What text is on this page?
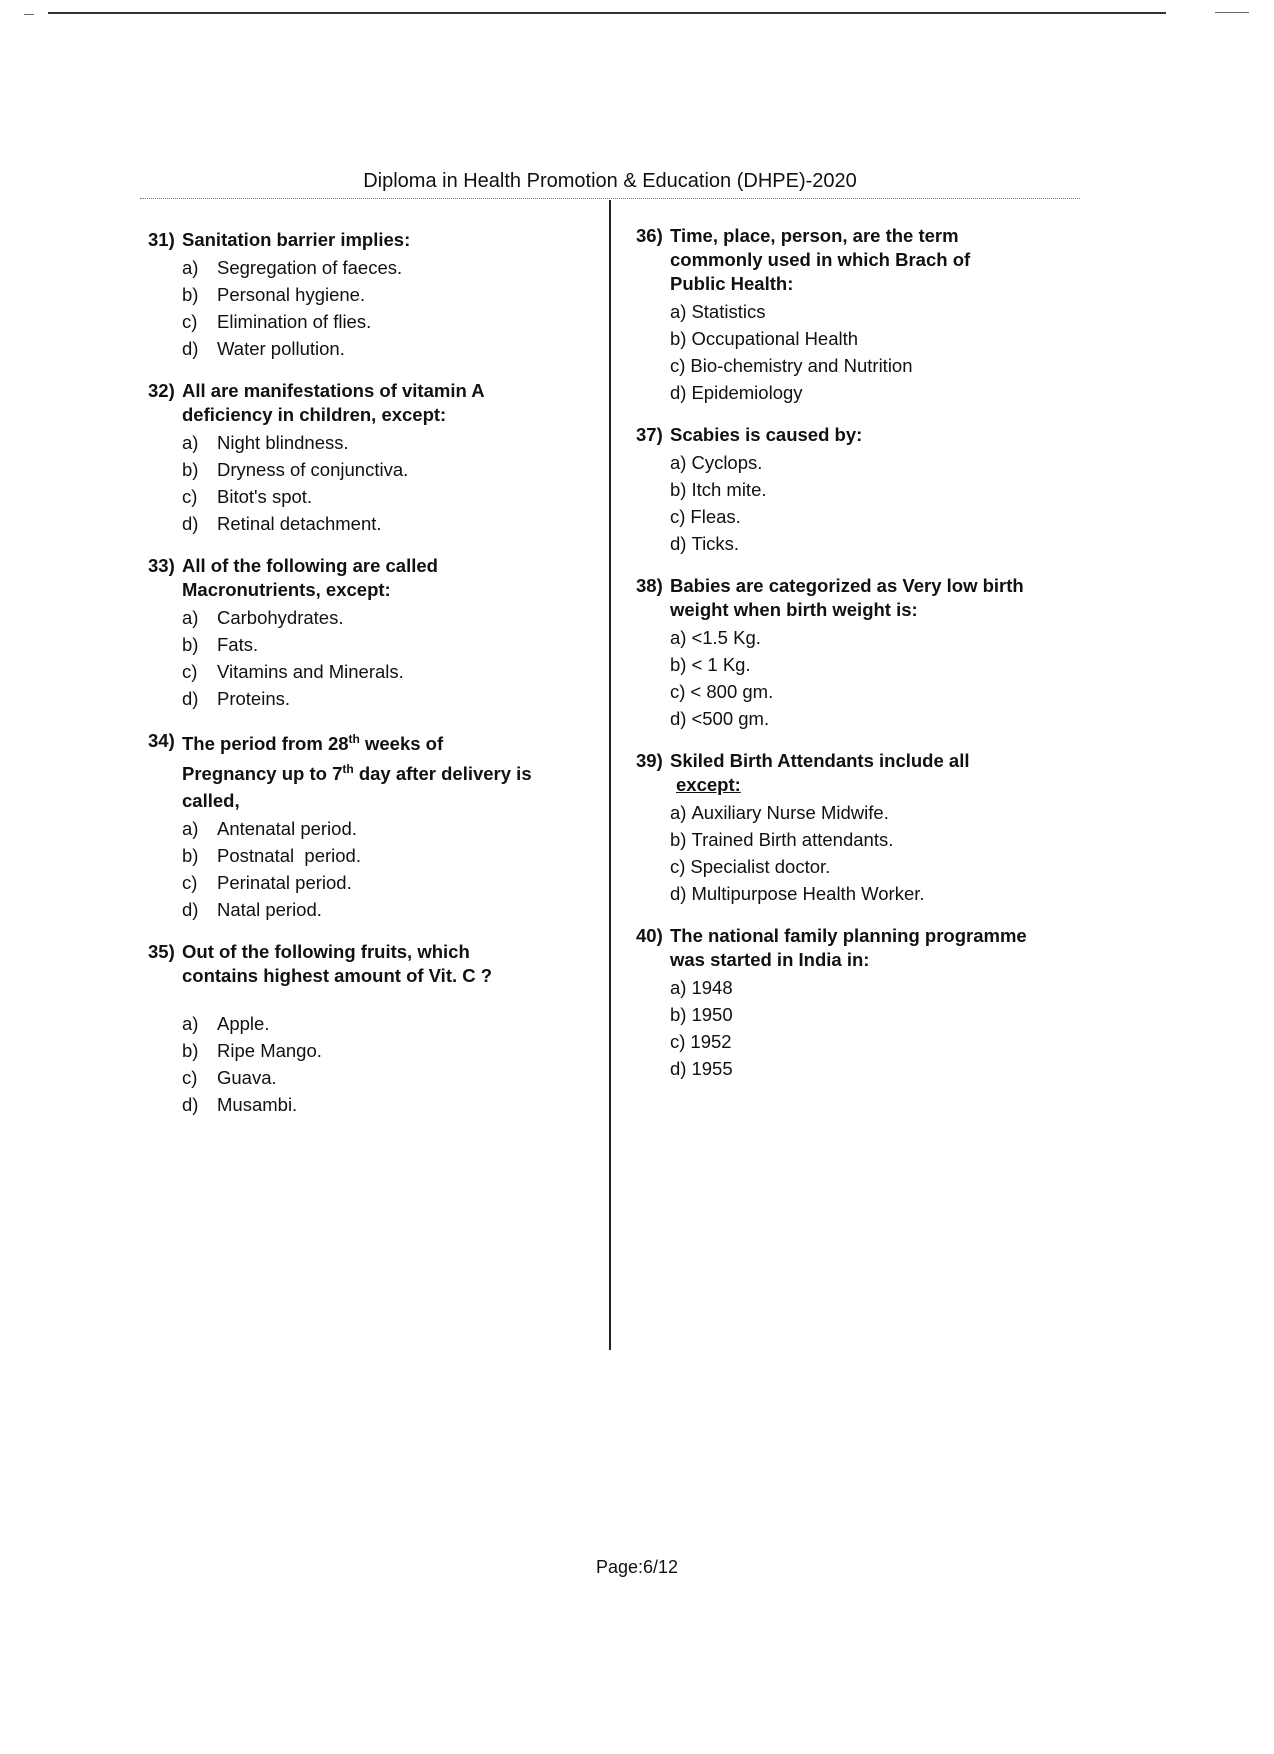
Diploma in Health Promotion & Education (DHPE)-2020
31) Sanitation barrier implies:
a)	Segregation of faeces.
b)	Personal hygiene.
c)	Elimination of flies.
d)	Water pollution.
32) All are manifestations of vitamin A
deficiency in children, except:
a)	Night blindness.
b)	Dryness of conjunctiva.
c)	Bitot's spot.
d)	Retinal detachment.
33) All of the following are called
Macronutrients, except:
a)	Carbohydrates.
b)	Fats.
c)	Vitamins and Minerals.
d)	Proteins.
34) The period from 28th weeks of
Pregnancy up to 7th day after delivery is
called,
a)	Antenatal period.
b)	Postnatal  period.
c)	Perinatal period.
d)	Natal period.
35) Out of the following fruits, which
contains highest amount of Vit. C ?
a)	Apple.
b)	Ripe Mango.
c)	Guava.
d)	Musambi.
36) Time, place, person, are the term
commonly used in which Brach of
Public Health:
a) Statistics
b) Occupational Health
c) Bio-chemistry and Nutrition
d) Epidemiology
37) Scabies is caused by:
a) Cyclops.
b) Itch mite.
c) Fleas.
d) Ticks.
38) Babies are categorized as Very low birth
weight when birth weight is:
a) <1.5 Kg.
b) < 1 Kg.
c) < 800 gm.
d) <500 gm.
39) Skiled Birth Attendants include all
except:
a) Auxiliary Nurse Midwife.
b) Trained Birth attendants.
c) Specialist doctor.
d) Multipurpose Health Worker.
40) The national family planning programme
was started in India in:
a) 1948
b) 1950
c) 1952
d) 1955
Page:6/12
